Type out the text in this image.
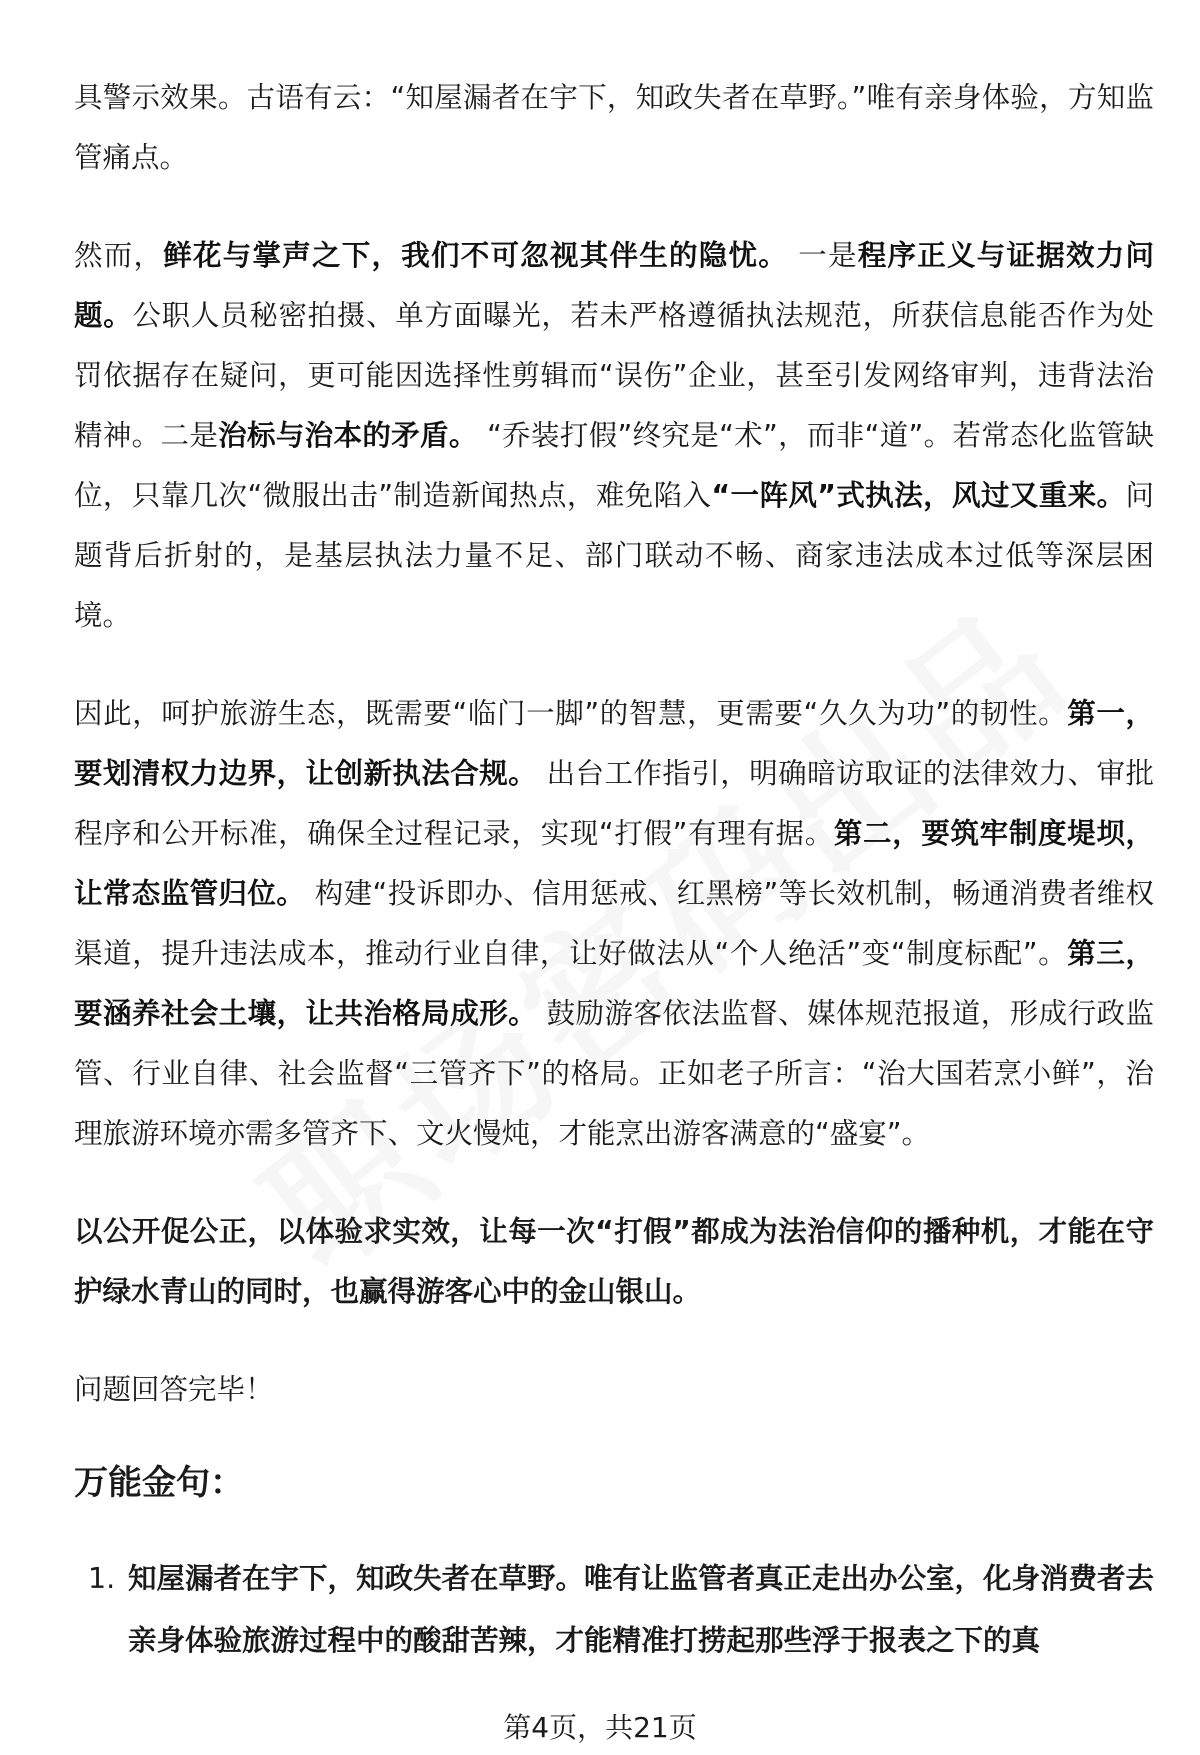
具警示效果。古语有云：“知屋漏者在宇下，知政失者在草野。”唯有亲身体验，方知监管痛点。

然而，鲜花与掌声之下，我们不可忽视其伴生的隐忧。 一是程序正义与证据效力问题。公职人员秘密拍摄、单方面曝光，若未严格遵循执法规范，所获信息能否作为处罚依据存在疑问，更可能因选择性剪辑而“误伤”企业，甚至引发网络审判，违背法治精神。二是治标与治本的矛盾。 “乔装打假”终究是“术”，而非“道”。若常态化监管缺位，只靠几次“微服出击”制造新闻热点，难免陷入“一阵风”式执法，风过又重来。问题背后折射的，是基层执法力量不足、部门联动不畅、商家违法成本过低等深层困境。

因此，呵护旅游生态，既需要“临门一脚”的智慧，更需要“久久为功”的韧性。第一，要划清权力边界，让创新执法合规。 出台工作指引，明确暗访取证的法律效力、审批程序和公开标准，确保全过程记录，实现“打假”有理有据。第二，要筑牢制度堤坝，让常态监管归位。 构建“投诉即办、信用惩戒、红黑榜”等长效机制，畅通消费者维权渠道，提升违法成本，推动行业自律，让好做法从“个人绝活”变“制度标配”。第三，要涵养社会土壤，让共治格局成形。 鼓励游客依法监督、媒体规范报道，形成行政监管、行业自律、社会监督“三管齐下”的格局。正如老子所言：“治大国若烹小鲜”，治理旅游环境亦需多管齐下、文火慢炖，才能烹出游客满意的“盛宴”。

以公开促公正，以体验求实效，让每一次“打假”都成为法治信仰的播种机，才能在守护绿水青山的同时，也赢得游客心中的金山银山。

问题回答完毕！

万能金句：
1. 知屋漏者在宇下，知政失者在草野。唯有让监管者真正走出办公室，化身消费者去亲身体验旅游过程中的酸甜苦辣，才能精准打捞起那些浮于报表之下的真
第4页，共21页
